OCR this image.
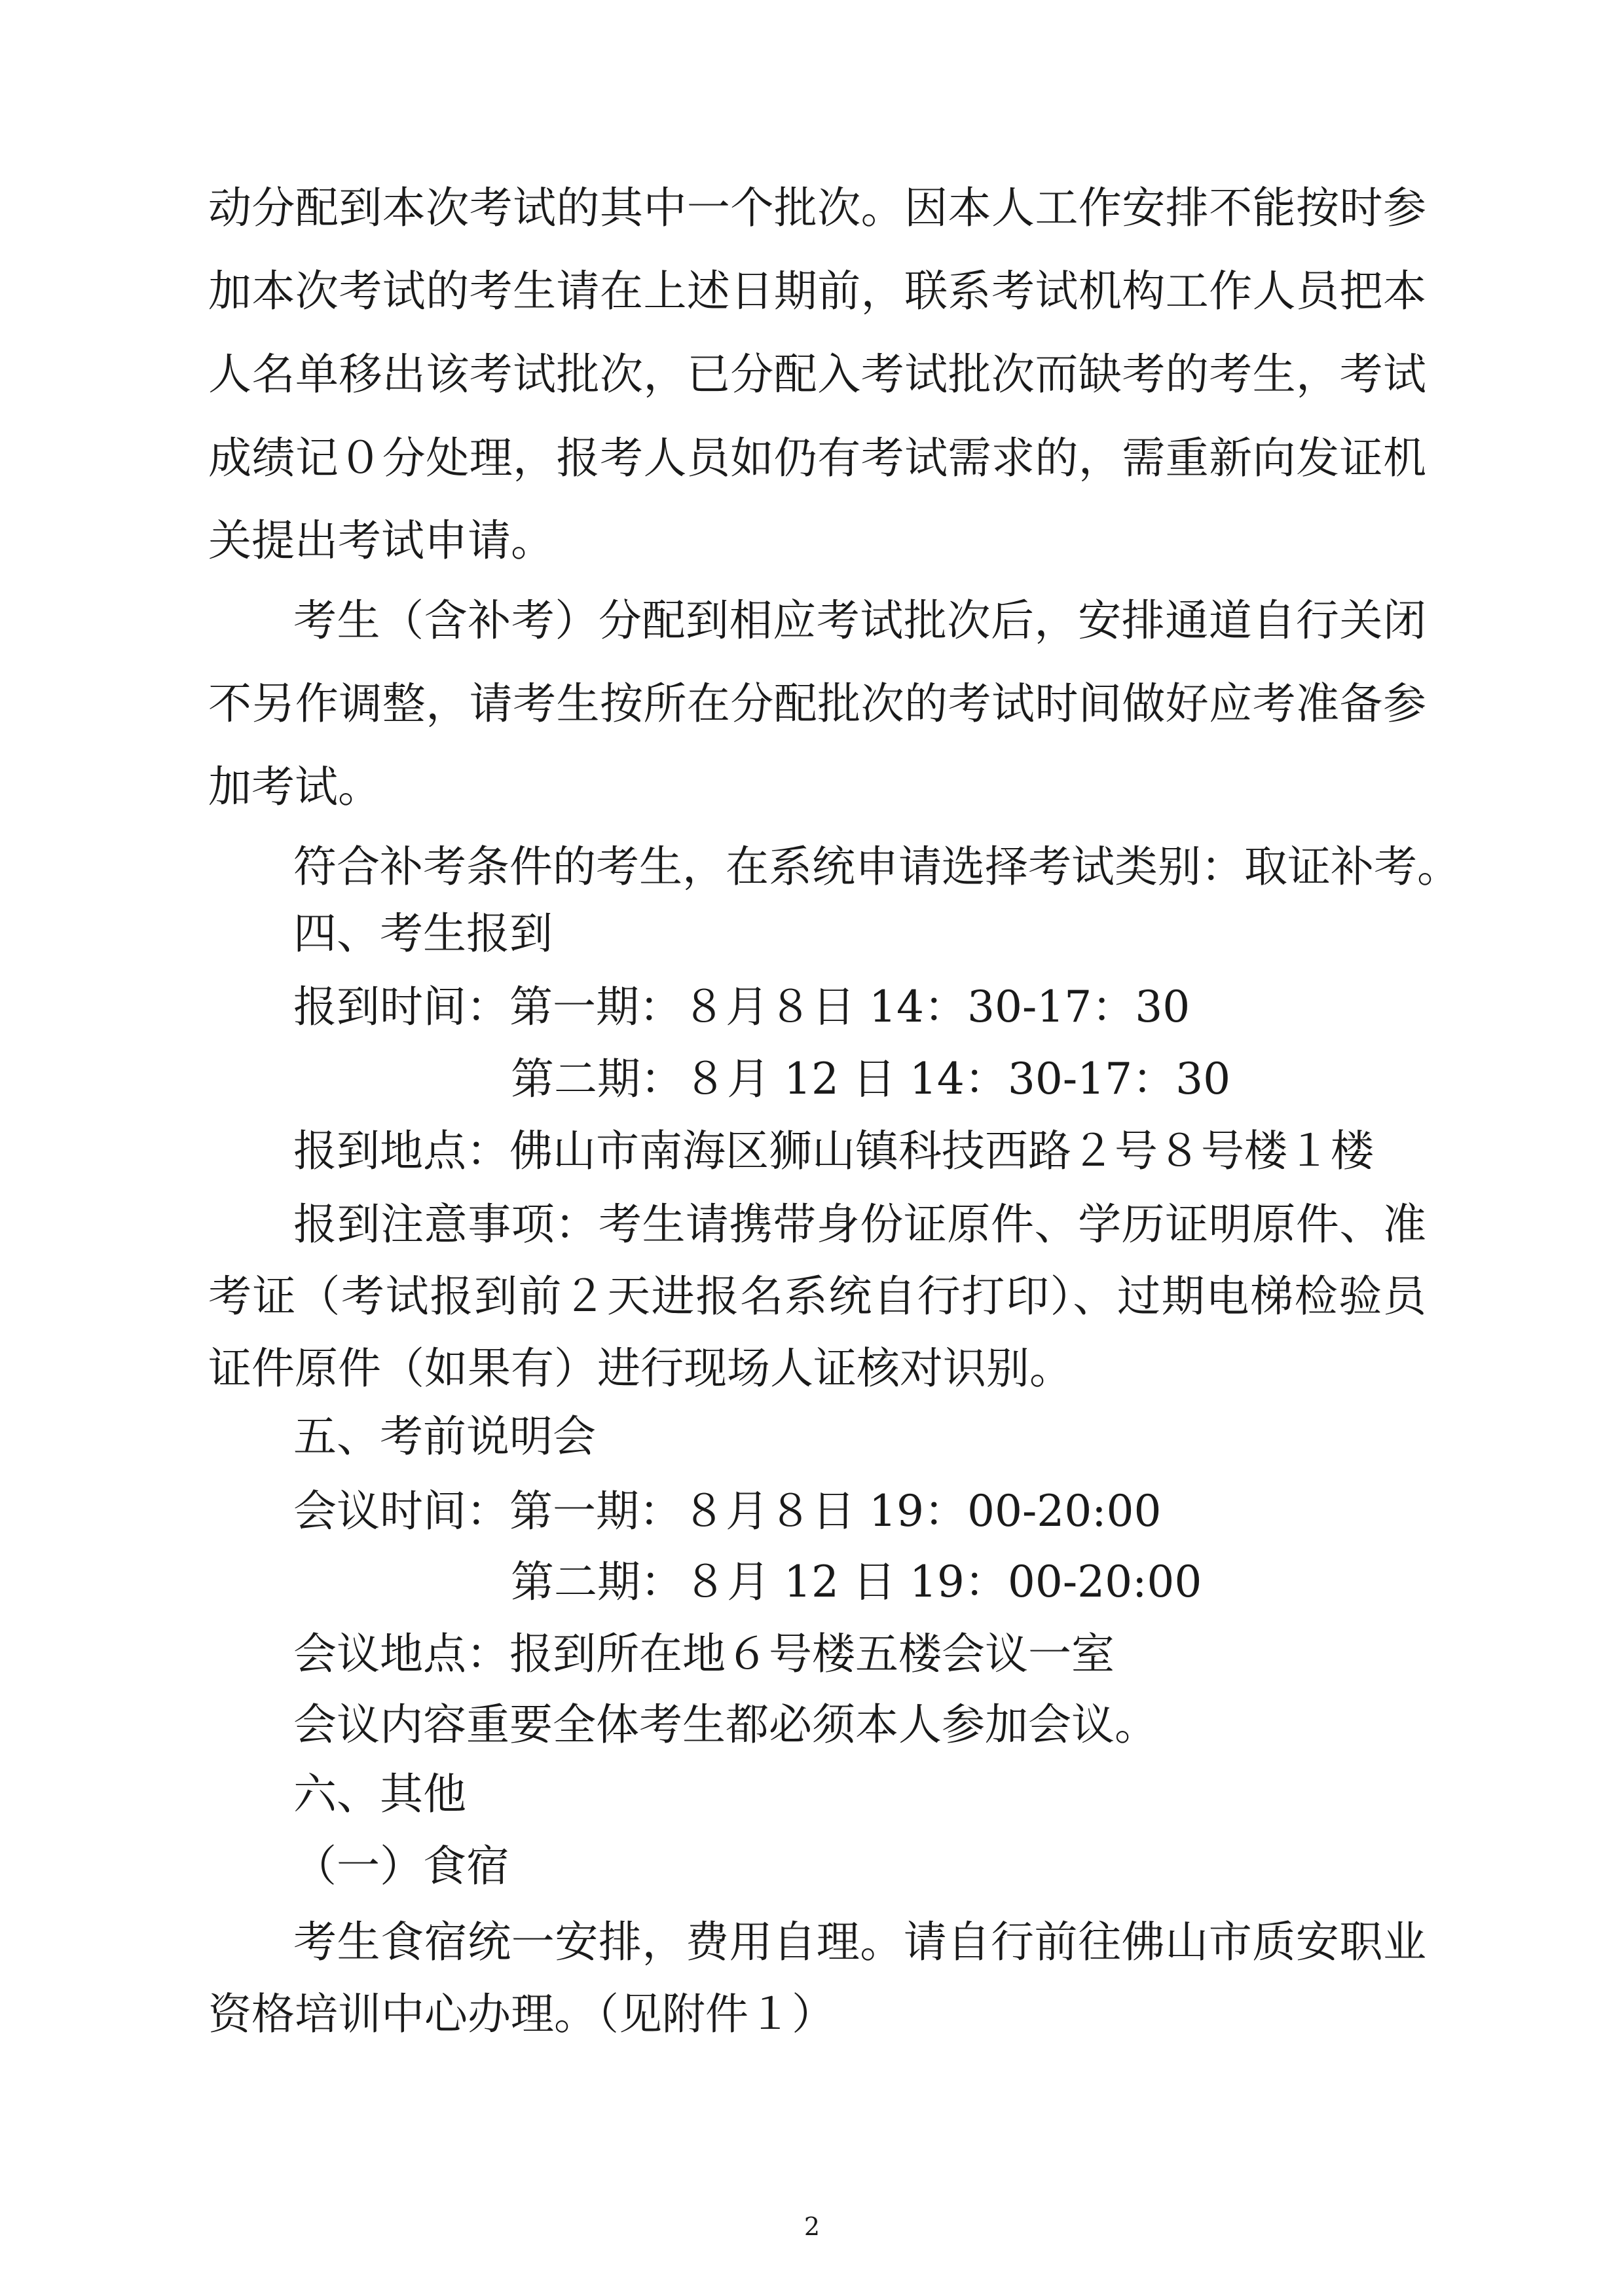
动分配到本次考试的其中一个批次。因本人工作安排不能按时参
加本次考试的考生请在上述日期前，联系考试机构工作人员把本
人名单移出该考试批次，已分配入考试批次而缺考的考生，考试
成绩记０分处理，报考人员如仍有考试需求的，需重新向发证机
关提出考试申请。
考生（含补考）分配到相应考试批次后，安排通道自行关闭
不另作调整，请考生按所在分配批次的考试时间做好应考准备参
加考试。
符合补考条件的考生，在系统申请选择考试类别：取证补考。
四、考生报到
报到时间：第一期：８月８日 14：30-17：30
第二期：８月 12 日 14：30-17：30
报到地点：佛山市南海区狮山镇科技西路２号８号楼１楼
报到注意事项：考生请携带身份证原件、学历证明原件、准
考证（考试报到前２天进报名系统自行打印）、过期电梯检验员
证件原件（如果有）进行现场人证核对识别。
五、考前说明会
会议时间：第一期：８月８日 19：00-20:00
第二期：８月 12 日 19：00-20:00
会议地点：报到所在地６号楼五楼会议一室
会议内容重要全体考生都必须本人参加会议。
六、其他
（一）食宿
考生食宿统一安排，费用自理。请自行前往佛山市质安职业
资格培训中心办理。（见附件１）
2
